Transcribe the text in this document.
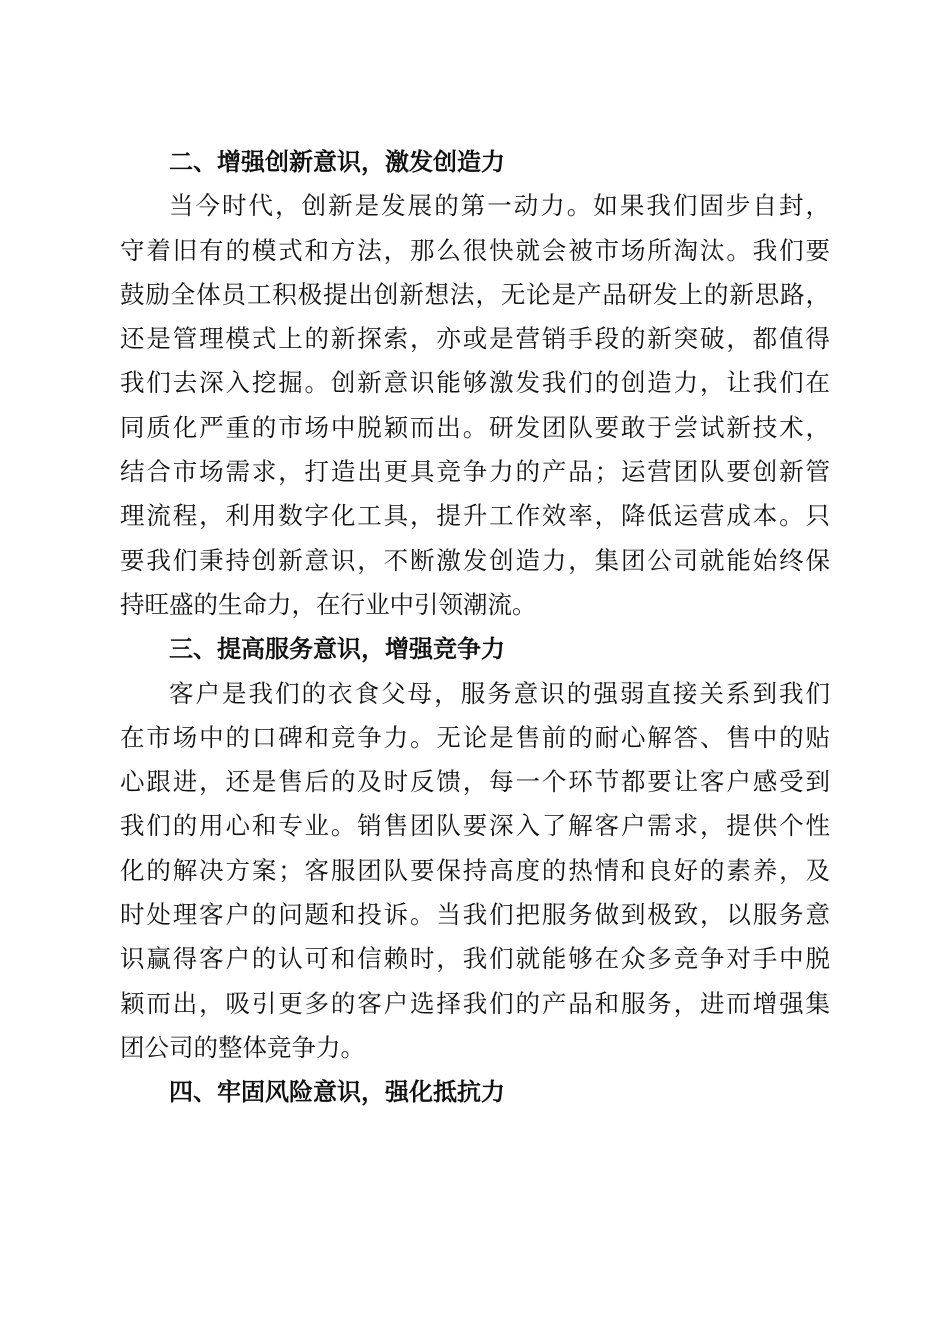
二、增强创新意识，激发创造力
当今时代，创新是发展的第一动力。如果我们固步自封，
守着旧有的模式和方法，那么很快就会被市场所淘汰。我们要
鼓励全体员工积极提出创新想法，无论是产品研发上的新思路，
还是管理模式上的新探索，亦或是营销手段的新突破，都值得
我们去深入挖掘。创新意识能够激发我们的创造力，让我们在
同质化严重的市场中脱颖而出。研发团队要敢于尝试新技术，
结合市场需求，打造出更具竞争力的产品；运营团队要创新管
理流程，利用数字化工具，提升工作效率，降低运营成本。只
要我们秉持创新意识，不断激发创造力，集团公司就能始终保
持旺盛的生命力，在行业中引领潮流。
三、提高服务意识，增强竞争力
客户是我们的衣食父母，服务意识的强弱直接关系到我们
在市场中的口碑和竞争力。无论是售前的耐心解答、售中的贴
心跟进，还是售后的及时反馈，每一个环节都要让客户感受到
我们的用心和专业。销售团队要深入了解客户需求，提供个性
化的解决方案；客服团队要保持高度的热情和良好的素养，及
时处理客户的问题和投诉。当我们把服务做到极致，以服务意
识赢得客户的认可和信赖时，我们就能够在众多竞争对手中脱
颖而出，吸引更多的客户选择我们的产品和服务，进而增强集
团公司的整体竞争力。
四、牢固风险意识，强化抵抗力
